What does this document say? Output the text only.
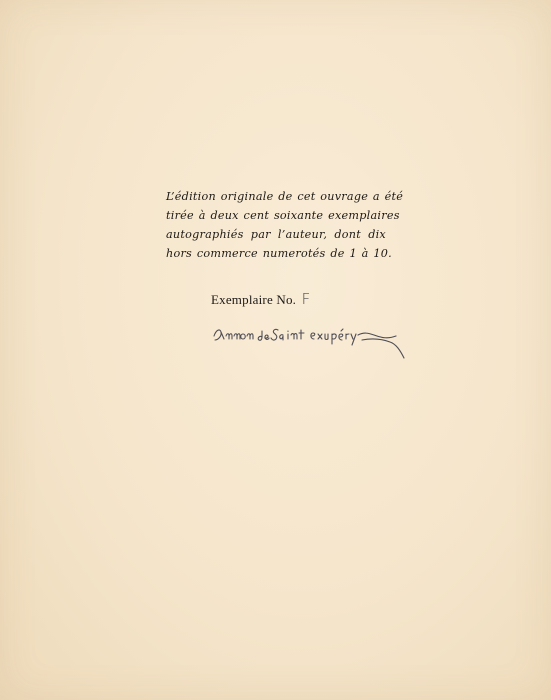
L’édition originale de cet ouvrage a été
tirée à deux cent soixante exemplaires
autographiés par l’auteur, dont dix
hors commerce numerotés de 1 à 10.
Exemplaire No. F
